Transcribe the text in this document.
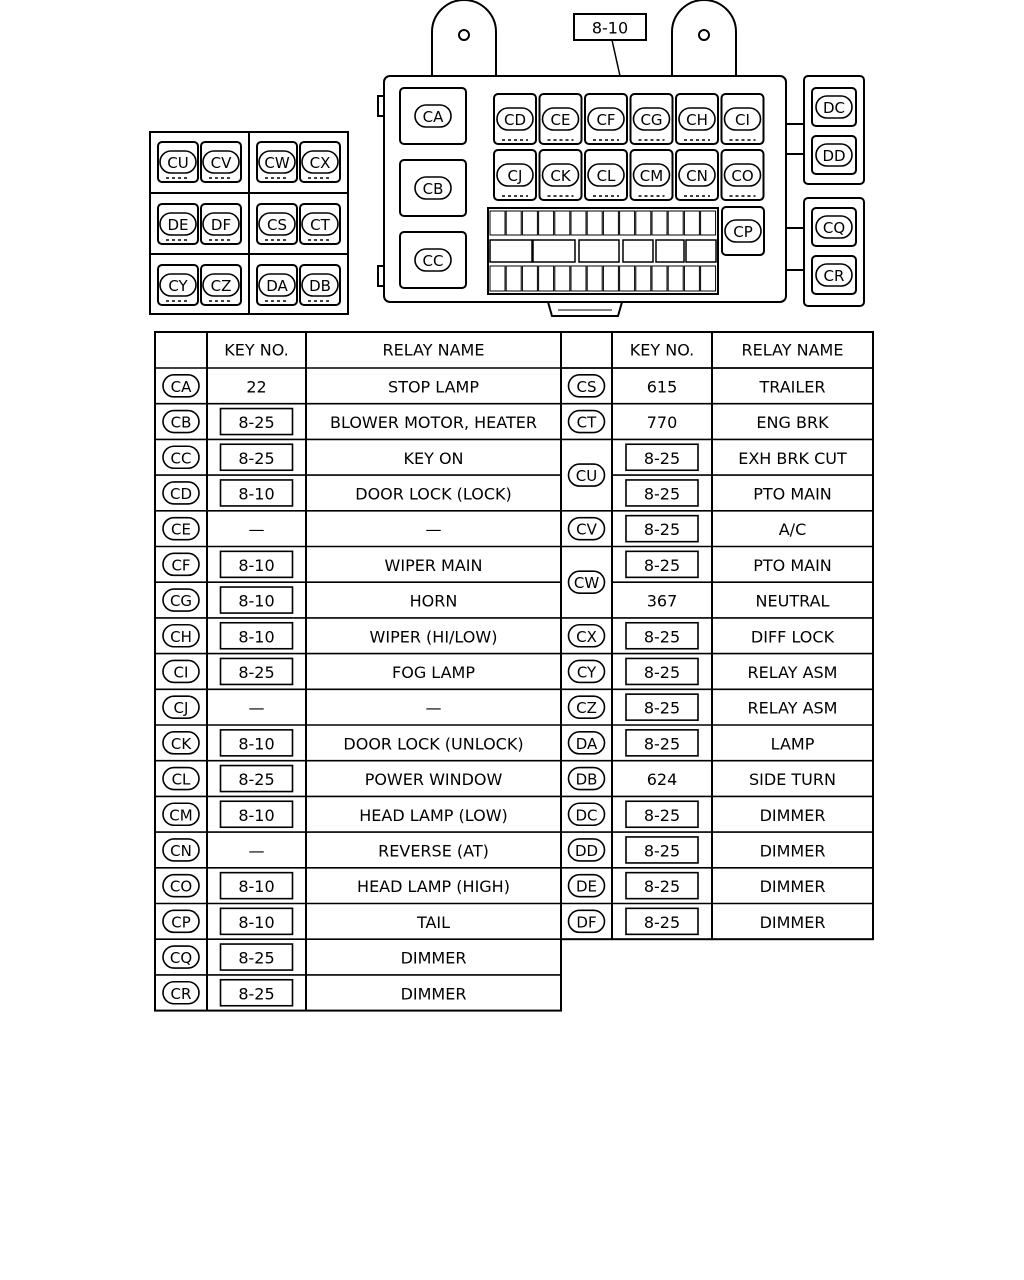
8-10
CA
CB
CC
CD CE CF CG CH CI
CJ CK CL CM CN CO
CP
DC
DD
CQ
CR
CU CV CW CX
DE DF CS CT
CY CZ DA DB
KEY NO.	RELAY NAME
CA	22	STOP LAMP
CB	8-25	BLOWER MOTOR, HEATER
CC	8-25	KEY ON
CD	8-10	DOOR LOCK (LOCK)
CE	—	—
CF	8-10	WIPER MAIN
CG	8-10	HORN
CH	8-10	WIPER (HI/LOW)
CI	8-25	FOG LAMP
CJ	—	—
CK	8-10	DOOR LOCK (UNLOCK)
CL	8-25	POWER WINDOW
CM	8-10	HEAD LAMP (LOW)
CN	—	REVERSE (AT)
CO	8-10	HEAD LAMP (HIGH)
CP	8-10	TAIL
CQ	8-25	DIMMER
CR	8-25	DIMMER
KEY NO.	RELAY NAME
CS	615	TRAILER
CT	770	ENG BRK
CU
8-25	EXH BRK CUT
8-25	PTO MAIN
CV	8-25	A/C
CW
8-25	PTO MAIN
367	NEUTRAL
CX	8-25	DIFF LOCK
CY	8-25	RELAY ASM
CZ	8-25	RELAY ASM
DA	8-25	LAMP
DB	624	SIDE TURN
DC	8-25	DIMMER
DD	8-25	DIMMER
DE	8-25	DIMMER
DF	8-25	DIMMER
